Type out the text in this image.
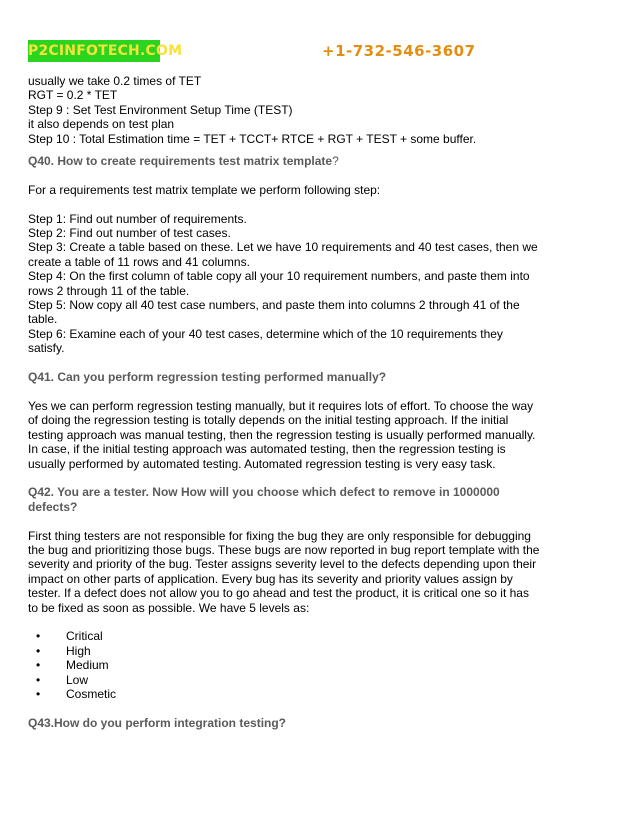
P2CINFOTECH.COM	+1-732-546-3607

usually we take 0.2 times of TET

RGT = 0.2 * TET

Step 9 : Set Test Environment Setup Time (TEST)

it also depends on test plan

Step 10 : Total Estimation time = TET + TCCT+ RTCE + RGT + TEST + some buffer.

Q40. How to create requirements test matrix template?

For a requirements test matrix template we perform following step:

Step 1: Find out number of requirements.

Step 2: Find out number of test cases.

Step 3: Create a table based on these. Let we have 10 requirements and 40 test cases, then we

create a table of 11 rows and 41 columns.

Step 4: On the first column of table copy all your 10 requirement numbers, and paste them into

rows 2 through 11 of the table.

Step 5: Now copy all 40 test case numbers, and paste them into columns 2 through 41 of the

table.

Step 6: Examine each of your 40 test cases, determine which of the 10 requirements they

satisfy.

Q41. Can you perform regression testing performed manually?

Yes we can perform regression testing manually, but it requires lots of effort. To choose the way

of doing the regression testing is totally depends on the initial testing approach. If the initial

testing approach was manual testing, then the regression testing is usually performed manually.

In case, if the initial testing approach was automated testing, then the regression testing is

usually performed by automated testing. Automated regression testing is very easy task.

Q42. You are a tester. Now How will you choose which defect to remove in 1000000

defects?

First thing testers are not responsible for fixing the bug they are only responsible for debugging

the bug and prioritizing those bugs. These bugs are now reported in bug report template with the

severity and priority of the bug. Tester assigns severity level to the defects depending upon their

impact on other parts of application. Every bug has its severity and priority values assign by

tester. If a defect does not allow you to go ahead and test the product, it is critical one so it has

to be fixed as soon as possible. We have 5 levels as:

• Critical
• High
• Medium
• Low
• Cosmetic

Q43.How do you perform integration testing?
